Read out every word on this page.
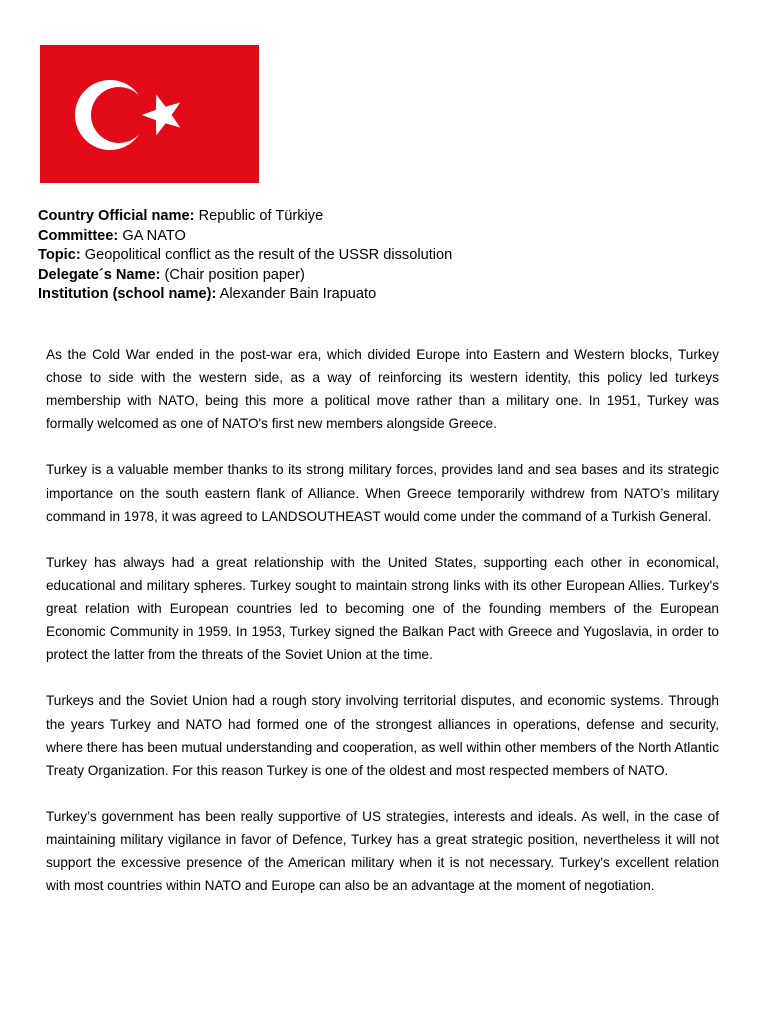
Country Official name: Republic of Türkiye
Committee: GA NATO
Topic: Geopolitical conflict as the result of the USSR dissolution
Delegate´s Name: (Chair position paper)
Institution (school name): Alexander Bain Irapuato

As the Cold War ended in the post-war era, which divided Europe into Eastern and Western blocks, Turkey chose to side with the western side, as a way of reinforcing its western identity, this policy led turkeys membership with NATO, being this more a political move rather than a military one. In 1951, Turkey was formally welcomed as one of NATO's first new members alongside Greece.

Turkey is a valuable member thanks to its strong military forces, provides land and sea bases and its strategic importance on the south eastern flank of Alliance. When Greece temporarily withdrew from NATO’s military command in 1978, it was agreed to LANDSOUTHEAST would come under the command of a Turkish General.

Turkey has always had a great relationship with the United States, supporting each other in economical, educational and military spheres. Turkey sought to maintain strong links with its other European Allies. Turkey's great relation with European countries led to becoming one of the founding members of the European Economic Community in 1959. In 1953, Turkey signed the Balkan Pact with Greece and Yugoslavia, in order to protect the latter from the threats of the Soviet Union at the time.

Turkeys and the Soviet Union had a rough story involving territorial disputes, and economic systems. Through the years Turkey and NATO had formed one of the strongest alliances in operations, defense and security, where there has been mutual understanding and cooperation, as well within other members of the North Atlantic Treaty Organization. For this reason Turkey is one of the oldest and most respected members of NATO.

Turkey’s government has been really supportive of US strategies, interests and ideals. As well, in the case of maintaining military vigilance in favor of Defence, Turkey has a great strategic position, nevertheless it will not support the excessive presence of the American military when it is not necessary. Turkey's excellent relation with most countries within NATO and Europe can also be an advantage at the moment of negotiation.
